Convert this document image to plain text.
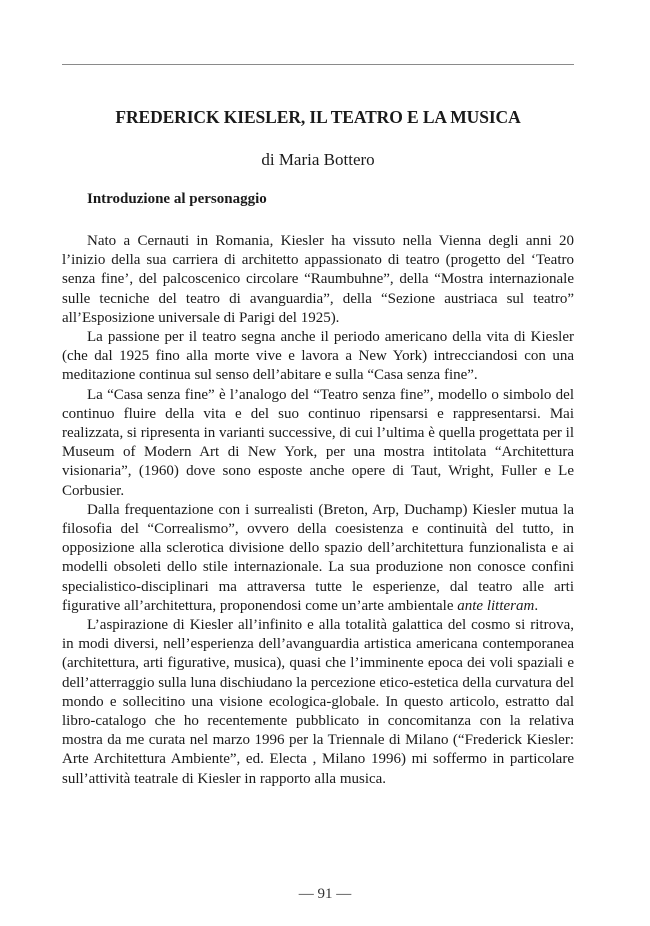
FREDERICK KIESLER, IL TEATRO E LA MUSICA
di Maria Bottero
Introduzione al personaggio

Nato a Cernauti in Romania, Kiesler ha vissuto nella Vienna degli anni 20 l’inizio della sua carriera di architetto appassionato di teatro (progetto del ‘Teatro senza fine’, del palcoscenico circolare “Raumbuhne”, della “Mostra internazionale sulle tecniche del teatro di avanguardia”, della “Sezione austriaca sul teatro” all’Esposizione universale di Parigi del 1925).

La passione per il teatro segna anche il periodo americano della vita di Kiesler (che dal 1925 fino alla morte vive e lavora a New York) intrecciandosi con una meditazione continua sul senso dell’abitare e sulla “Casa senza fine”.

La “Casa senza fine” è l’analogo del “Teatro senza fine”, modello o simbolo del continuo fluire della vita e del suo continuo ripensarsi e rappresentarsi. Mai realizzata, si ripresenta in varianti successive, di cui l’ultima è quella progettata per il Museum of Modern Art di New York, per una mostra intitolata “Architettura visionaria”, (1960) dove sono esposte anche opere di Taut, Wright, Fuller e Le Corbusier.

Dalla frequentazione con i surrealisti (Breton, Arp, Duchamp) Kiesler mutua la filosofia del “Correalismo”, ovvero della coesistenza e continuità del tutto, in opposizione alla sclerotica divisione dello spazio dell’architettura funzionalista e ai modelli obsoleti dello stile internazionale. La sua produzione non conosce confini specialistico-disciplinari ma attraversa tutte le esperienze, dal teatro alle arti figurative all’architettura, proponendosi come un’arte ambientale ante litteram.

L’aspirazione di Kiesler all’infinito e alla totalità galattica del cosmo si ritrova, in modi diversi, nell’esperienza dell’avanguardia artistica americana contemporanea (architettura, arti figurative, musica), quasi che l’imminente epoca dei voli spaziali e dell’atterraggio sulla luna dischiudano la percezione etico-estetica della curvatura del mondo e sollecitino una visione ecologica-globale. In questo articolo, estratto dal libro-catalogo che ho recentemente pubblicato in concomitanza con la relativa mostra da me curata nel marzo 1996 per la Triennale di Milano (“Frederick Kiesler: Arte Architettura Ambiente”, ed. Electa , Milano 1996) mi soffermo in particolare sull’attività teatrale di Kiesler in rapporto alla musica.

— 91 —
